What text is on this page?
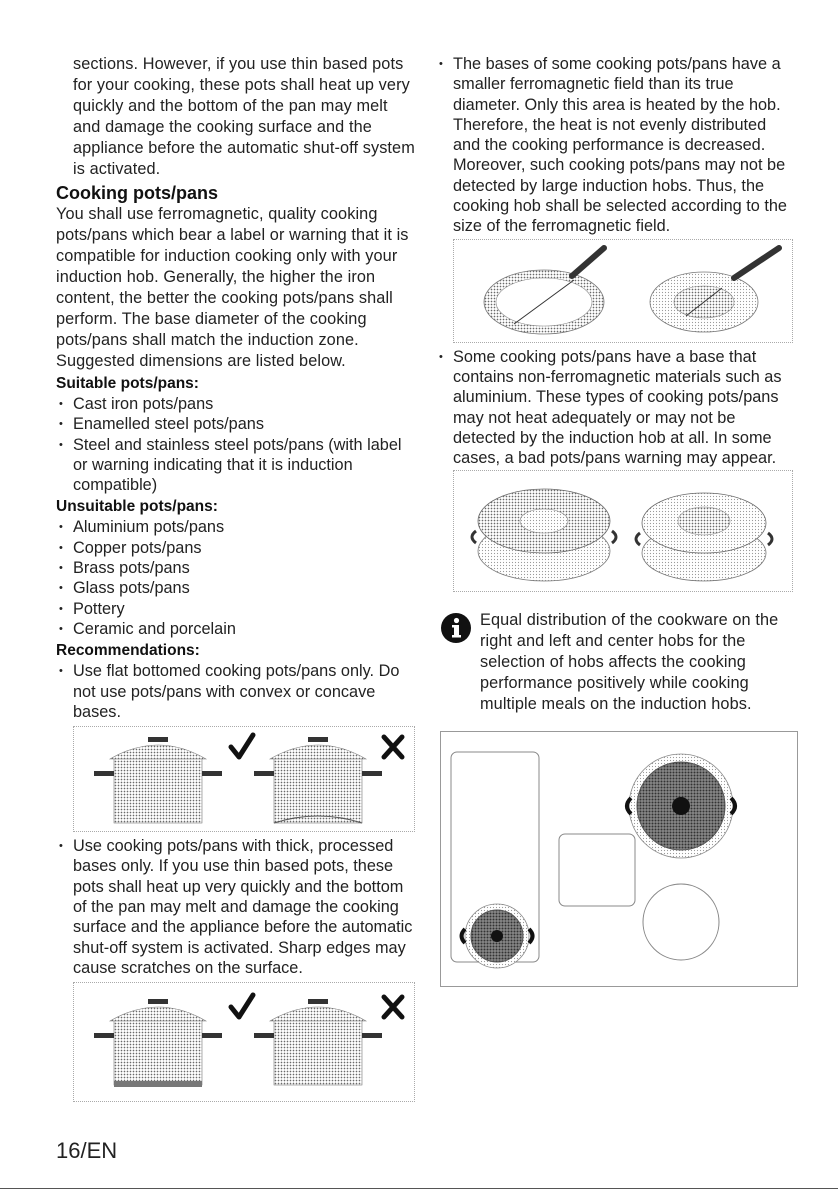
sections. However, if you use thin based pots for your cooking, these pots shall heat up very quickly and the bottom of the pan may melt and damage the cooking surface and the appliance before the automatic shut-off system is activated.

Cooking pots/pans

You shall use ferromagnetic, quality cooking pots/pans which bear a label or warning that it is compatible for induction cooking only with your induction hob. Generally, the higher the iron content, the better the cooking pots/pans shall perform. The base diameter of the cooking pots/pans shall match the induction zone. Suggested dimensions are listed below.

Suitable pots/pans:
• Cast iron pots/pans
• Enamelled steel pots/pans
• Steel and stainless steel pots/pans (with label or warning indicating that it is induction compatible)
Unsuitable pots/pans:
• Aluminium pots/pans
• Copper pots/pans
• Brass pots/pans
• Glass pots/pans
• Pottery
• Ceramic and porcelain
Recommendations:
• Use flat bottomed cooking pots/pans only. Do not use pots/pans with convex or concave bases.
• Use cooking pots/pans with thick, processed bases only. If you use thin based pots, these pots shall heat up very quickly and the bottom of the pan may melt and damage the cooking surface and the appliance before the automatic shut-off system is activated. Sharp edges may cause scratches on the surface.
• The bases of some cooking pots/pans have a smaller ferromagnetic field than its true diameter. Only this area is heated by the hob. Therefore, the heat is not evenly distributed and the cooking performance is decreased. Moreover, such cooking pots/pans may not be detected by large induction hobs. Thus, the cooking hob shall be selected according to the size of the ferromagnetic field.
• Some cooking pots/pans have a base that contains non-ferromagnetic materials such as aluminium. These types of cooking pots/pans may not heat adequately or may not be detected by the induction hob at all. In some cases, a bad pots/pans warning may appear.

Equal distribution of the cookware on the right and left and center hobs for the selection of hobs affects the cooking performance positively while cooking multiple meals on the induction hobs.

16/EN
